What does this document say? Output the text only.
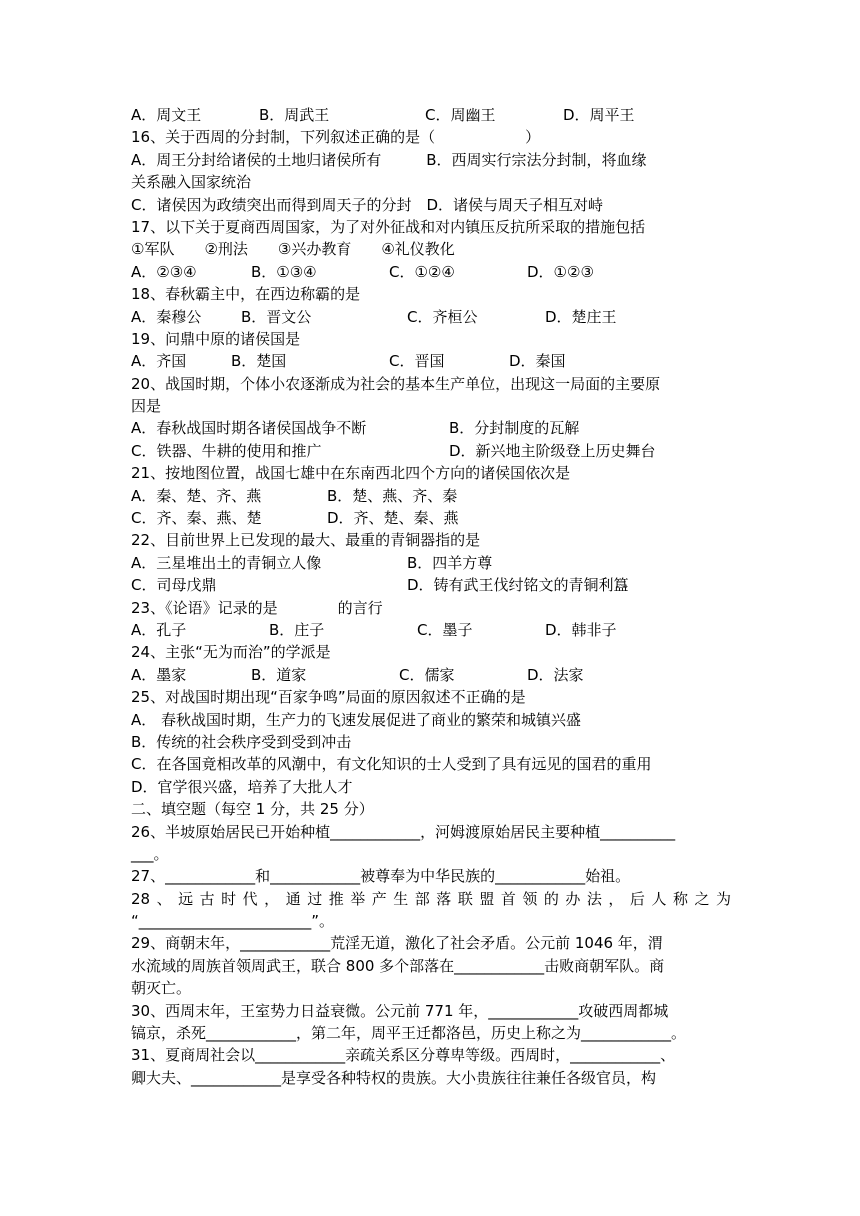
A．周文王	B．周武王	C．周幽王	D．周平王
16、关于西周的分封制，下列叙述正确的是（　　　　　　）
A．周王分封给诸侯的土地归诸侯所有　　　B．西周实行宗法分封制，将血缘
关系融入国家统治
C．诸侯因为政绩突出而得到周天子的分封　D．诸侯与周天子相互对峙
17、以下关于夏商西周国家，为了对外征战和对内镇压反抗所采取的措施包括
①军队　　②刑法　　③兴办教育　　④礼仪教化
A．②③④	B．①③④	C．①②④	D．①②③
18、春秋霸主中，在西边称霸的是
A．秦穆公	B．晋文公	C．齐桓公	D．楚庄王
19、问鼎中原的诸侯国是
A．齐国	B．楚国	C．晋国	D．秦国
20、战国时期，个体小农逐渐成为社会的基本生产单位，出现这一局面的主要原
因是
A．春秋战国时期各诸侯国战争不断	B．分封制度的瓦解
C．铁器、牛耕的使用和推广	D．新兴地主阶级登上历史舞台
21、按地图位置，战国七雄中在东南西北四个方向的诸侯国依次是
A．秦、楚、齐、燕	B．楚、燕、齐、秦
C．齐、秦、燕、楚	D．齐、楚、秦、燕
22、目前世界上已发现的最大、最重的青铜器指的是
A．三星堆出土的青铜立人像	B．四羊方尊
C．司母戊鼎	D．铸有武王伐纣铭文的青铜利簋
23、《论语》记录的是　　　　的言行
A．孔子	B．庄子	C．墨子	D．韩非子
24、主张“无为而治”的学派是
A．墨家	B．道家	C．儒家	D．法家
25、对战国时期出现“百家争鸣”局面的原因叙述不正确的是
A． 春秋战国时期，生产力的飞速发展促进了商业的繁荣和城镇兴盛
B．传统的社会秩序受到受到冲击
C．在各国竟相改革的风潮中，有文化知识的士人受到了具有远见的国君的重用
D．官学很兴盛，培养了大批人才
二、填空题（每空 1 分，共 25 分）
26、半坡原始居民已开始种植____________，河姆渡原始居民主要种植__________
___。
27、____________和____________被尊奉为中华民族的____________始祖。
28、远古时代，通过推举产生部落联盟首领的办法，后人称之为
“_______________________”。
29、商朝末年，____________荒淫无道，激化了社会矛盾。公元前 1046 年，渭
水流域的周族首领周武王，联合 800 多个部落在____________击败商朝军队。商
朝灭亡。
30、西周末年，王室势力日益衰微。公元前 771 年，____________攻破西周都城
镐京，杀死____________，第二年，周平王迁都洛邑，历史上称之为____________。
31、夏商周社会以____________亲疏关系区分尊卑等级。西周时，____________、
卿大夫、____________是享受各种特权的贵族。大小贵族往往兼任各级官员，构
